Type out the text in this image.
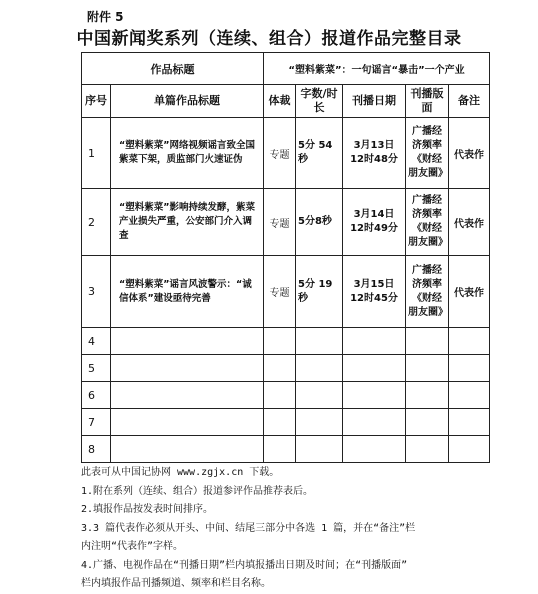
附件 5
中国新闻奖系列（连续、组合）报道作品完整目录
作品标题		“塑料紫菜”：一句谣言“暴击”一个产业				
序号	单篇作品标题	体裁	字数/时长	刊播日期	刊播版面	备注
1	“塑料紫菜”网络视频谣言致全国紫菜下架，质监部门火速证伪	专题	5分 54秒	3月13日 12时48分	广播经济频率《财经朋友圈》	代表作
2	“塑料紫菜”影响持续发酵，紫菜产业损失严重，公安部门介入调查	专题	5分8秒	3月14日 12时49分	广播经济频率《财经朋友圈》	代表作
3	“塑料紫菜”谣言风波警示：“诚信体系”建设亟待完善	专题	5分 19秒	3月15日 12时45分	广播经济频率《财经朋友圈》	代表作
4						
5						
6						
7						
8						
此表可从中国记协网 www.zgjx.cn 下载。
1.附在系列（连续、组合）报道参评作品推荐表后。
2.填报作品按发表时间排序。
3.3 篇代表作必须从开头、中间、结尾三部分中各选 1 篇，并在“备注”栏
内注明“代表作”字样。
4.广播、电视作品在“刊播日期”栏内填报播出日期及时间；在“刊播版面”
栏内填报作品刊播频道、频率和栏目名称。
